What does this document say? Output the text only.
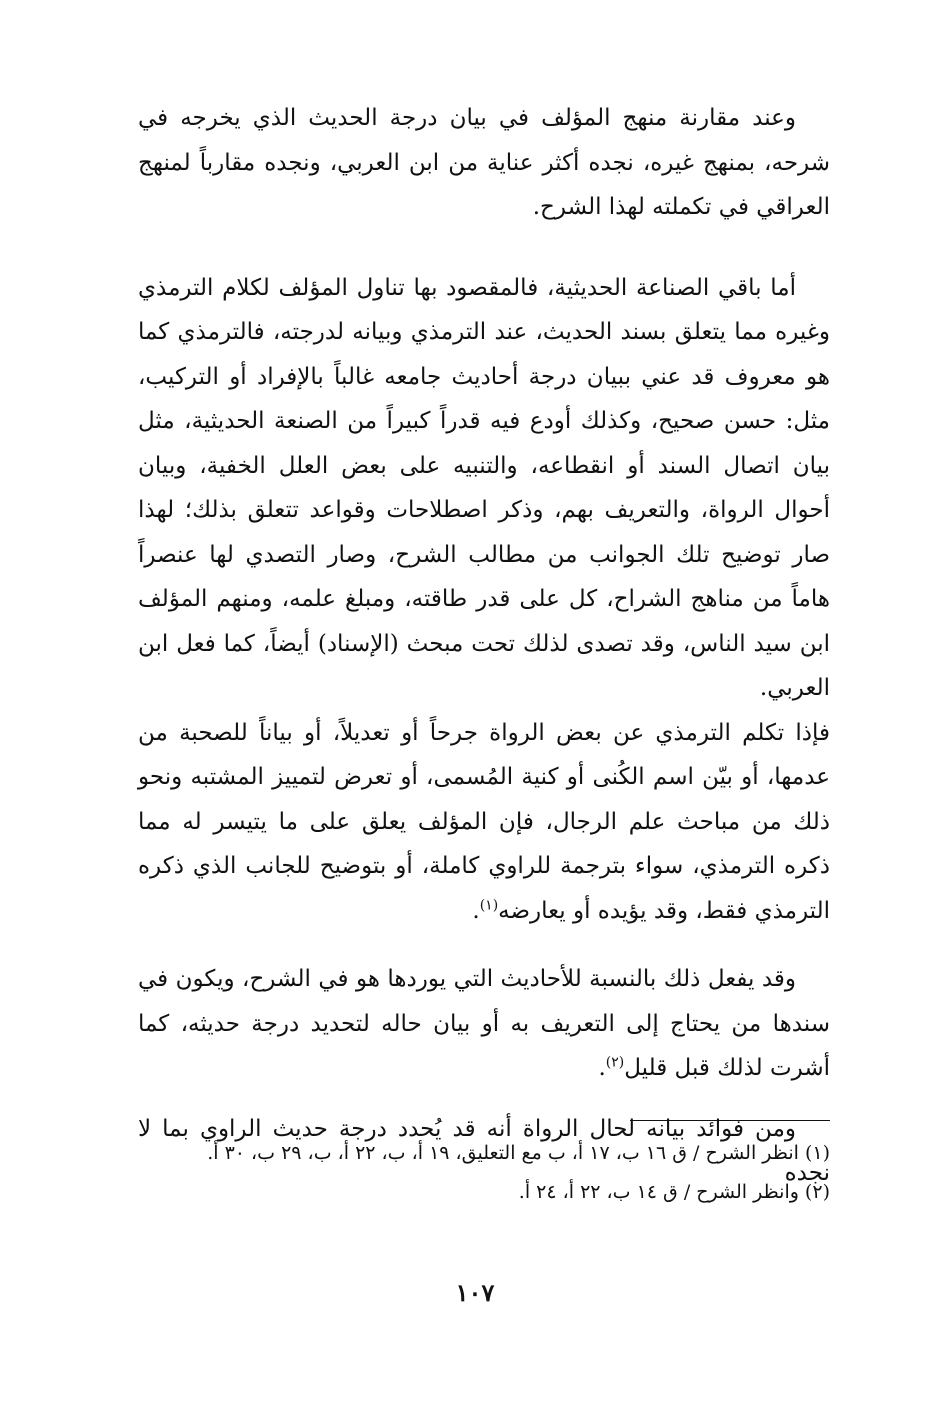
وعند مقارنة منهج المؤلف في بيان درجة الحديث الذي يخرجه في شرحه، بمنهج غيره، نجده أكثر عناية من ابن العربي، ونجده مقارباً لمنهج العراقي في تكملته لهذا الشرح.

أما باقي الصناعة الحديثية، فالمقصود بها تناول المؤلف لكلام الترمذي وغيره مما يتعلق بسند الحديث، عند الترمذي وبيانه لدرجته، فالترمذي كما هو معروف قد عني ببيان درجة أحاديث جامعه غالباً بالإفراد أو التركيب، مثل: حسن صحيح، وكذلك أودع فيه قدراً كبيراً من الصنعة الحديثية، مثل بيان اتصال السند أو انقطاعه، والتنبيه على بعض العلل الخفية، وبيان أحوال الرواة، والتعريف بهم، وذكر اصطلاحات وقواعد تتعلق بذلك؛ لهذا صار توضيح تلك الجوانب من مطالب الشرح، وصار التصدي لها عنصراً هاماً من مناهج الشراح، كل على قدر طاقته، ومبلغ علمه، ومنهم المؤلف ابن سيد الناس، وقد تصدى لذلك تحت مبحث (الإسناد) أيضاً، كما فعل ابن العربي.

فإذا تكلم الترمذي عن بعض الرواة جرحاً أو تعديلاً، أو بياناً للصحبة من عدمها، أو بيّن اسم الكُنى أو كنية المُسمى، أو تعرض لتمييز المشتبه ونحو ذلك من مباحث علم الرجال، فإن المؤلف يعلق على ما يتيسر له مما ذكره الترمذي، سواء بترجمة للراوي كاملة، أو بتوضيح للجانب الذي ذكره الترمذي فقط، وقد يؤيده أو يعارضه$^{(١)}$.

وقد يفعل ذلك بالنسبة للأحاديث التي يوردها هو في الشرح، ويكون في سندها من يحتاج إلى التعريف به أو بيان حاله لتحديد درجة حديثه، كما أشرت لذلك قبل قليل$^{(٢)}$.

ومن فوائد بيانه لحال الرواة أنه قد يُحدد درجة حديث الراوي بما لا نجده

(١) انظر الشرح / ق ١٦ ب، ١٧ أ، ب مع التعليق، ١٩ أ، ب، ٢٢ أ، ب، ٢٩ ب، ٣٠ أ.

(٢) وانظر الشرح / ق ١٤ ب، ٢٢ أ، ٢٤ أ.

١٠٧
